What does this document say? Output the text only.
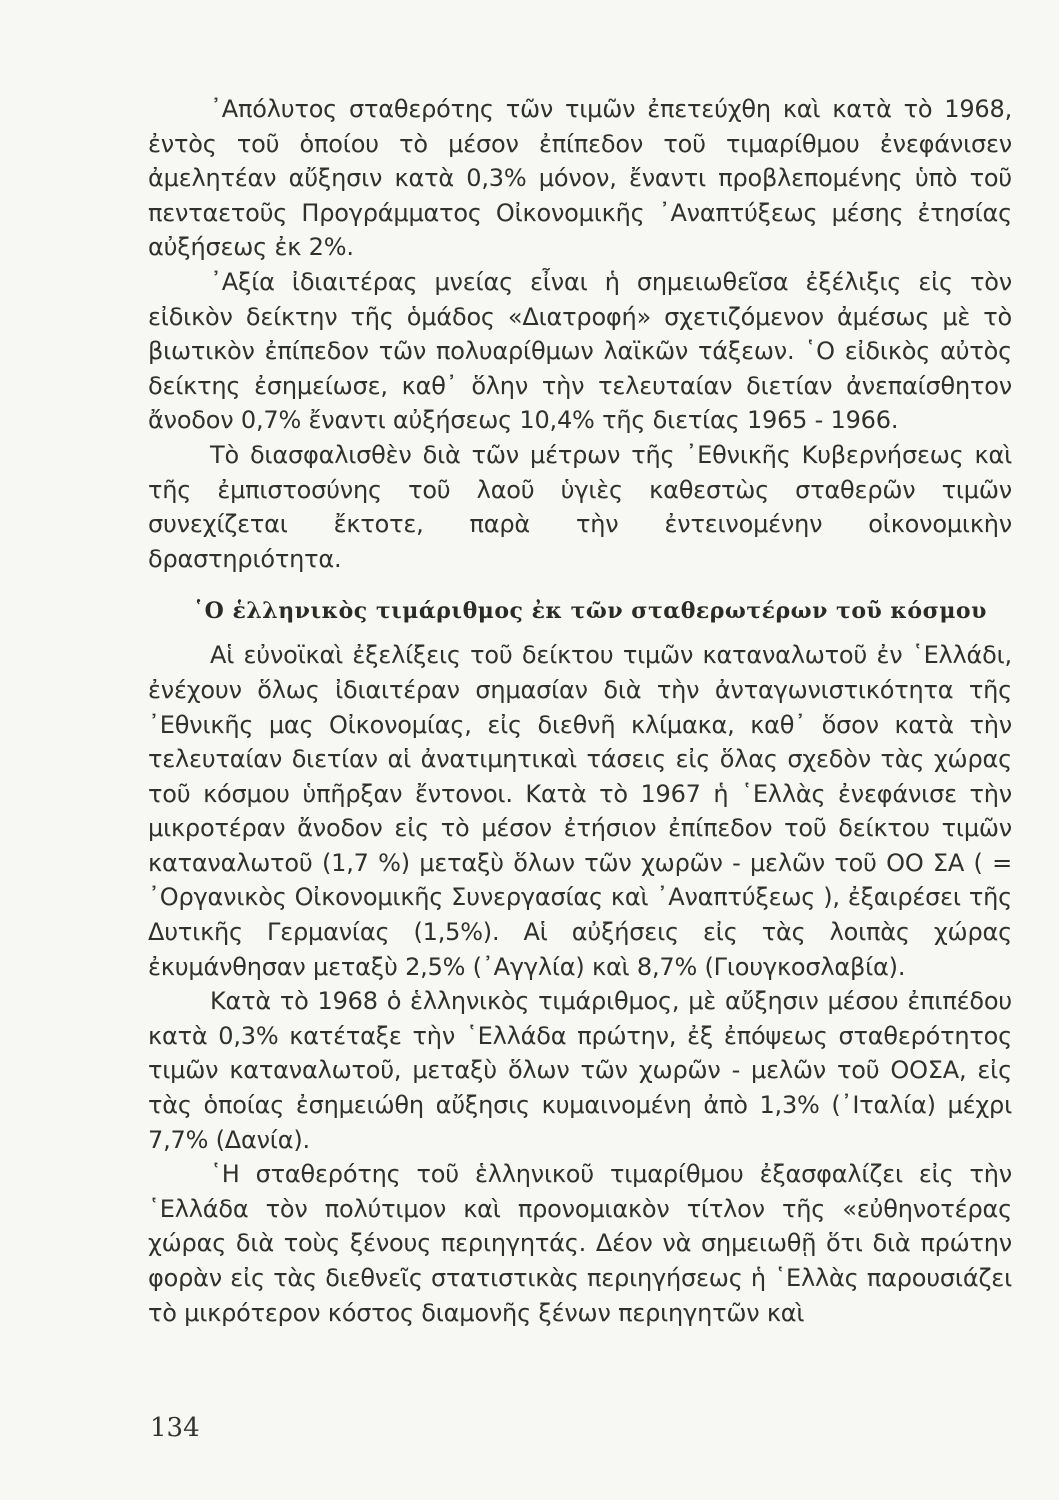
᾿Απόλυτος σταθερότης τῶν τιμῶν ἐπετεύχθη καὶ κατὰ τὸ 1968, ἐντὸς τοῦ ὁποίου τὸ μέσον ἐπίπεδον τοῦ τιμαρίθμου ἐνεφάνισεν ἀμελητέαν αὔξησιν κατὰ 0,3% μόνον, ἔναντι προβλεπομένης ὑπὸ τοῦ πενταετοῦς Προγράμματος Οἰκονομικῆς ᾿Αναπτύξεως μέσης ἐτησίας αὐξήσεως ἐκ 2%.

᾿Αξία ἰδιαιτέρας μνείας εἶναι ἡ σημειωθεῖσα ἐξέλιξις εἰς τὸν εἰδικὸν δείκτην τῆς ὁμάδος «Διατροφή» σχετιζόμενον ἀμέσως μὲ τὸ βιωτικὸν ἐπίπεδον τῶν πολυαρίθμων λαϊκῶν τάξεων. ῾Ο εἰδικὸς αὐτὸς δείκτης ἐσημείωσε, καθ᾿ ὅλην τὴν τελευταίαν διετίαν ἀνεπαίσθητον ἄνοδον 0,7% ἔναντι αὐξήσεως 10,4% τῆς διετίας 1965 - 1966.

Τὸ διασφαλισθὲν διὰ τῶν μέτρων τῆς ᾿Εθνικῆς Κυβερνήσεως καὶ τῆς ἐμπιστοσύνης τοῦ λαοῦ ὑγιὲς καθεστὼς σταθερῶν τιμῶν συνεχίζεται ἔκτοτε, παρὰ τὴν ἐντεινομένην οἰκονομικὴν δραστηριότητα.

῾Ο ἑλληνικὸς τιμάριθμος ἐκ τῶν σταθερωτέρων τοῦ κόσμου

Αἱ εὐνοϊκαὶ ἐξελίξεις τοῦ δείκτου τιμῶν καταναλωτοῦ ἐν ῾Ελλάδι, ἐνέχουν ὅλως ἰδιαιτέραν σημασίαν διὰ τὴν ἀνταγωνιστικότητα τῆς ᾿Εθνικῆς μας Οἰκονομίας, εἰς διεθνῆ κλίμακα, καθ᾿ ὅσον κατὰ τὴν τελευταίαν διετίαν αἱ ἀνατιμητικαὶ τάσεις εἰς ὅλας σχεδὸν τὰς χώρας τοῦ κόσμου ὑπῆρξαν ἔντονοι. Κατὰ τὸ 1967 ἡ ῾Ελλὰς ἐνεφάνισε τὴν μικροτέραν ἄνοδον εἰς τὸ μέσον ἐτήσιον ἐπίπεδον τοῦ δείκτου τιμῶν καταναλωτοῦ (1,7 %) μεταξὺ ὅλων τῶν χωρῶν - μελῶν τοῦ ΟΟ ΣΑ ( = ᾿Οργανικὸς Οἰκονομικῆς Συνεργασίας καὶ ᾿Αναπτύξεως ), ἐξαιρέσει τῆς Δυτικῆς Γερμανίας (1,5%). Αἱ αὐξήσεις εἰς τὰς λοιπὰς χώρας ἐκυμάνθησαν μεταξὺ 2,5% (᾿Αγγλία) καὶ 8,7% (Γιουγκοσλαβία).

Κατὰ τὸ 1968 ὁ ἑλληνικὸς τιμάριθμος, μὲ αὔξησιν μέσου ἐπιπέδου κατὰ 0,3% κατέταξε τὴν ῾Ελλάδα πρώτην, ἐξ ἐπόψεως σταθερότητος τιμῶν καταναλωτοῦ, μεταξὺ ὅλων τῶν χωρῶν - μελῶν τοῦ ΟΟΣΑ, εἰς τὰς ὁποίας ἐσημειώθη αὔξησις κυμαινομένη ἀπὸ 1,3% (᾿Ιταλία) μέχρι 7,7% (Δανία).

῾Η σταθερότης τοῦ ἑλληνικοῦ τιμαρίθμου ἐξασφαλίζει εἰς τὴν ῾Ελλάδα τὸν πολύτιμον καὶ προνομιακὸν τίτλον τῆς «εὐθηνοτέρας χώρας διὰ τοὺς ξένους περιηγητάς. Δέον νὰ σημειωθῇ ὅτι διὰ πρώτην φορὰν εἰς τὰς διεθνεῖς στατιστικὰς περιηγήσεως ἡ ῾Ελλὰς παρουσιάζει τὸ μικρότερον κόστος διαμονῆς ξένων περιηγητῶν καὶ

134
